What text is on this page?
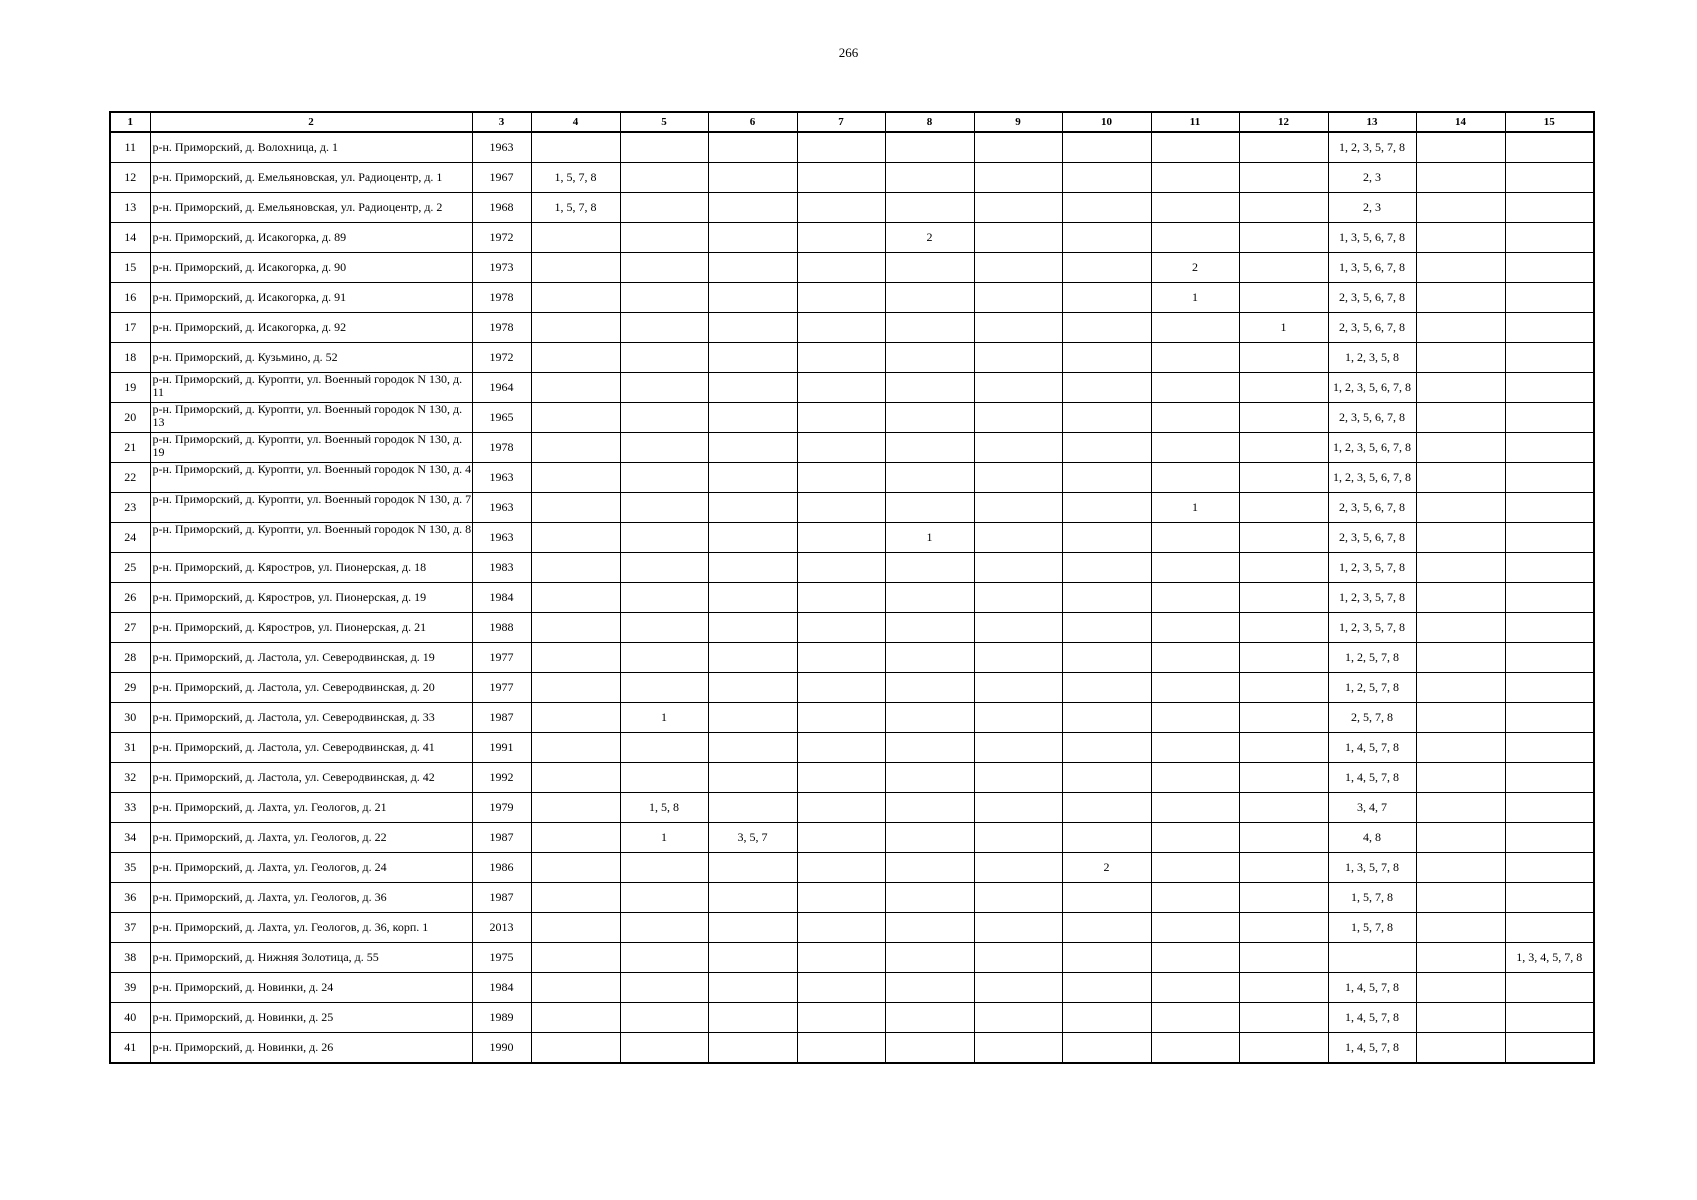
266
1	2	3	4	5	6	7	8	9	10	11	12	13	14	15
11	р-н. Приморский, д. Волохница, д. 1	1963										1, 2, 3, 5, 7, 8		
12	р-н. Приморский, д. Емельяновская, ул. Радиоцентр, д. 1	1967	1, 5, 7, 8									2, 3		
13	р-н. Приморский, д. Емельяновская, ул. Радиоцентр, д. 2	1968	1, 5, 7, 8									2, 3		
14	р-н. Приморский, д. Исакогорка, д. 89	1972					2					1, 3, 5, 6, 7, 8		
15	р-н. Приморский, д. Исакогорка, д. 90	1973								2		1, 3, 5, 6, 7, 8		
16	р-н. Приморский, д. Исакогорка, д. 91	1978								1		2, 3, 5, 6, 7, 8		
17	р-н. Приморский, д. Исакогорка, д. 92	1978									1	2, 3, 5, 6, 7, 8		
18	р-н. Приморский, д. Кузьмино, д. 52	1972										1, 2, 3, 5, 8		
19	р-н. Приморский, д. Куропти, ул. Военный городок N 130, д. 11	1964										1, 2, 3, 5, 6, 7, 8		
20	р-н. Приморский, д. Куропти, ул. Военный городок N 130, д. 13	1965										2, 3, 5, 6, 7, 8		
21	р-н. Приморский, д. Куропти, ул. Военный городок N 130, д. 19	1978										1, 2, 3, 5, 6, 7, 8		
22	р-н. Приморский, д. Куропти, ул. Военный городок N 130, д. 4	1963										1, 2, 3, 5, 6, 7, 8		
23	р-н. Приморский, д. Куропти, ул. Военный городок N 130, д. 7	1963								1		2, 3, 5, 6, 7, 8		
24	р-н. Приморский, д. Куропти, ул. Военный городок N 130, д. 8	1963					1					2, 3, 5, 6, 7, 8		
25	р-н. Приморский, д. Кяростров, ул. Пионерская, д. 18	1983										1, 2, 3, 5, 7, 8		
26	р-н. Приморский, д. Кяростров, ул. Пионерская, д. 19	1984										1, 2, 3, 5, 7, 8		
27	р-н. Приморский, д. Кяростров, ул. Пионерская, д. 21	1988										1, 2, 3, 5, 7, 8		
28	р-н. Приморский, д. Ластола, ул. Северодвинская, д. 19	1977										1, 2, 5, 7, 8		
29	р-н. Приморский, д. Ластола, ул. Северодвинская, д. 20	1977										1, 2, 5, 7, 8		
30	р-н. Приморский, д. Ластола, ул. Северодвинская, д. 33	1987		1								2, 5, 7, 8		
31	р-н. Приморский, д. Ластола, ул. Северодвинская, д. 41	1991										1, 4, 5, 7, 8		
32	р-н. Приморский, д. Ластола, ул. Северодвинская, д. 42	1992										1, 4, 5, 7, 8		
33	р-н. Приморский, д. Лахта, ул. Геологов, д. 21	1979		1, 5, 8								3, 4, 7		
34	р-н. Приморский, д. Лахта, ул. Геологов, д. 22	1987		1	3, 5, 7							4, 8		
35	р-н. Приморский, д. Лахта, ул. Геологов, д. 24	1986							2			1, 3, 5, 7, 8		
36	р-н. Приморский, д. Лахта, ул. Геологов, д. 36	1987										1, 5, 7, 8		
37	р-н. Приморский, д. Лахта, ул. Геологов, д. 36, корп. 1	2013										1, 5, 7, 8		
38	р-н. Приморский, д. Нижняя Золотица, д. 55	1975												1, 3, 4, 5, 7, 8
39	р-н. Приморский, д. Новинки, д. 24	1984										1, 4, 5, 7, 8		
40	р-н. Приморский, д. Новинки, д. 25	1989										1, 4, 5, 7, 8		
41	р-н. Приморский, д. Новинки, д. 26	1990										1, 4, 5, 7, 8		
